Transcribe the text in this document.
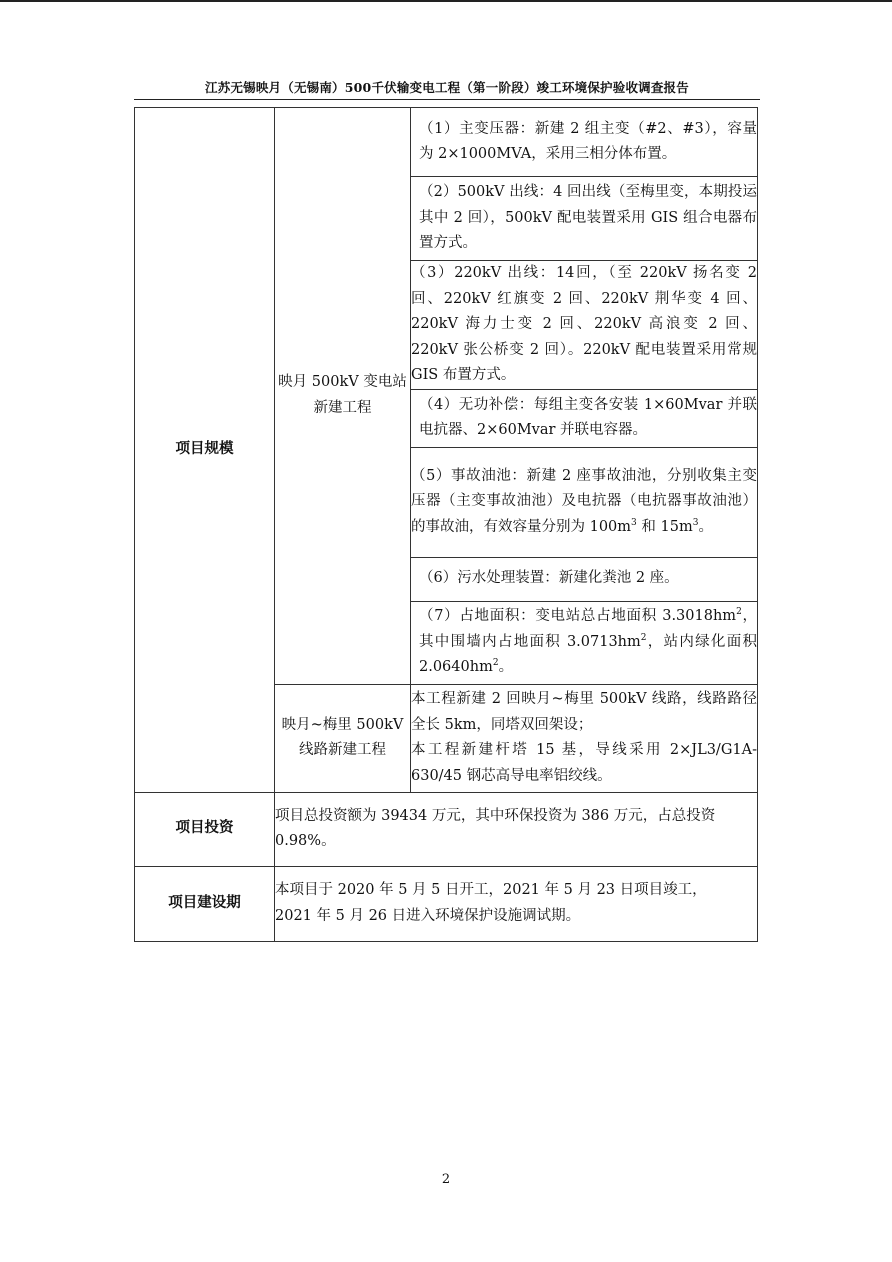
江苏无锡映月（无锡南）500千伏输变电工程（第一阶段）竣工环境保护验收调查报告
项目规模	映月 500kV 变电站新建工程	（1）主变压器：新建 2 组主变（#2、#3），容量为 2×1000MVA，采用三相分体布置。
		（2）500kV 出线：4 回出线（至梅里变，本期投运其中 2 回），500kV 配电装置采用 GIS 组合电器布置方式。
		（3）220kV 出线：14回，（至 220kV 扬名变 2 回、220kV 红旗变 2 回、220kV 荆华变 4 回、220kV 海力士变 2 回、220kV 高浪变 2 回、220kV 张公桥变 2 回）。220kV 配电装置采用常规 GIS 布置方式。
		（4）无功补偿：每组主变各安装 1×60Mvar 并联电抗器、2×60Mvar 并联电容器。
		（5）事故油池：新建 2 座事故油池，分别收集主变压器（主变事故油池）及电抗器（电抗器事故油池）的事故油，有效容量分别为 $100m^3$ 和 $15m^3$。
		（6）污水处理装置：新建化粪池 2 座。
		（7）占地面积：变电站总占地面积 $3.3018hm^2$，其中围墙内占地面积 $3.0713hm^2$，站内绿化面积 $2.0640hm^2$。
	映月~梅里 500kV 线路新建工程	本工程新建 2 回映月~梅里 500kV 线路，线路路径全长 5km，同塔双回架设；
本工程新建杆塔 15 基，导线采用 2×JL3/G1A-630/45 钢芯高导电率铝绞线。

项目投资	项目总投资额为 39434 万元，其中环保投资为 386 万元，占总投资 0.98%。	
项目建设期	本项目于 2020 年 5 月 5 日开工，2021 年 5 月 23 日项目竣工，
2021 年 5 月 26 日进入环境保护设施调试期。	
2
